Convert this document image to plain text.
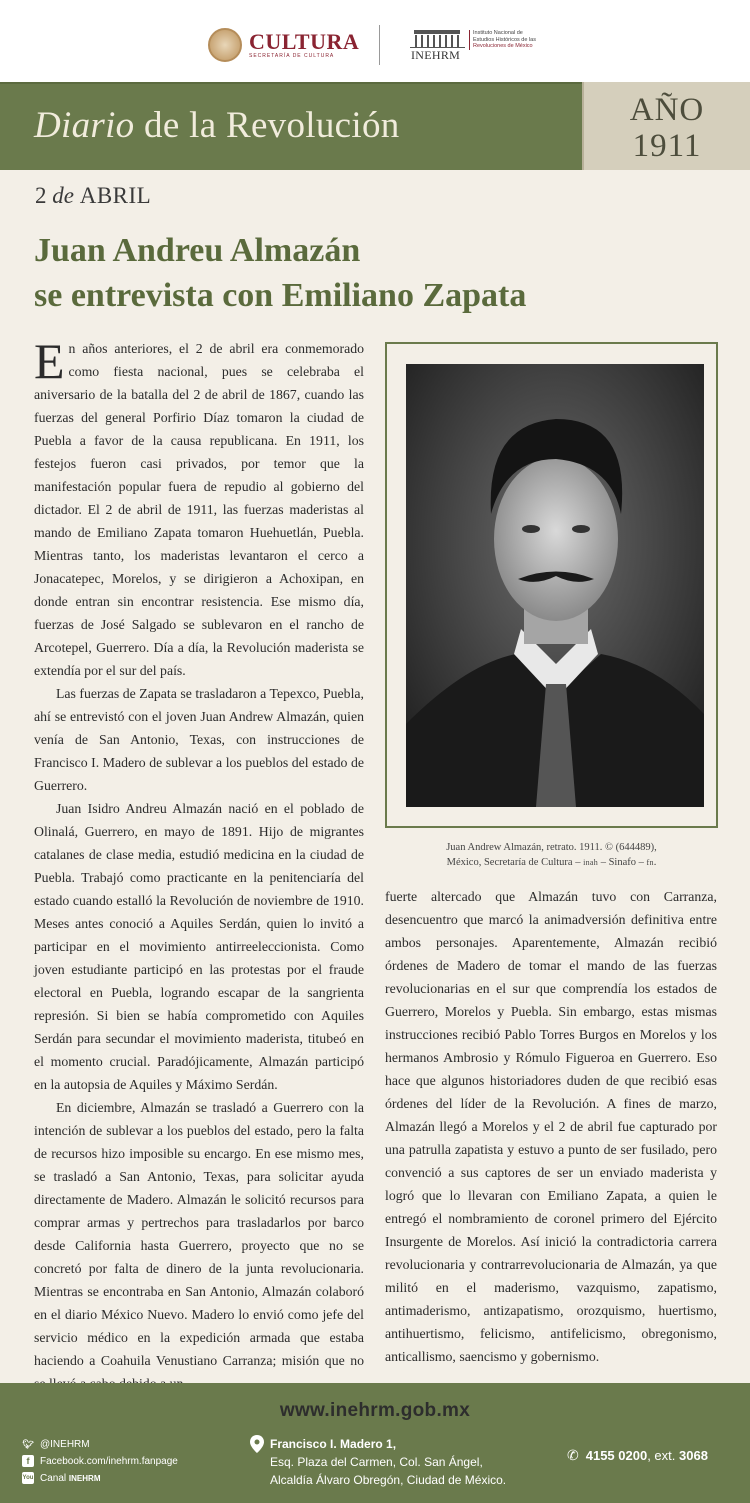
CULTURA
SECRETARÍA DE CULTURA	INEHRM
Instituto Nacional de
Estudios Históricos de las
Revoluciones de México
Diario de la Revolución	AÑO
1911
2 de ABRIL
Juan Andreu Almazán
se entrevista con Emiliano Zapata

En años anteriores, el 2 de abril era conmemorado como fiesta nacional, pues se celebraba el aniversario de la batalla del 2 de abril de 1867, cuando las fuerzas del general Porfirio Díaz tomaron la ciudad de Puebla a favor de la causa republicana. En 1911, los festejos fueron casi privados, por temor que la manifestación popular fuera de repudio al gobierno del dictador. El 2 de abril de 1911, las fuerzas maderistas al mando de Emiliano Zapata tomaron Huehuetlán, Puebla. Mientras tanto, los maderistas levantaron el cerco a Jonacatepec, Morelos, y se dirigieron a Achoxipan, en donde entran sin encontrar resistencia. Ese mismo día, fuerzas de José Salgado se sublevaron en el rancho de Arcotepel, Guerrero. Día a día, la Revolución maderista se extendía por el sur del país.

Las fuerzas de Zapata se trasladaron a Tepexco, Puebla, ahí se entrevistó con el joven Juan Andrew Almazán, quien venía de San Antonio, Texas, con instrucciones de Francisco I. Madero de sublevar a los pueblos del estado de Guerrero.

Juan Isidro Andreu Almazán nació en el poblado de Olinalá, Guerrero, en mayo de 1891. Hijo de migrantes catalanes de clase media, estudió medicina en la ciudad de Puebla. Trabajó como practicante en la penitenciaría del estado cuando estalló la Revolución de noviembre de 1910. Meses antes conoció a Aquiles Serdán, quien lo invitó a participar en el movimiento antirreeleccionista. Como joven estudiante participó en las protestas por el fraude electoral en Puebla, logrando escapar de la sangrienta represión. Si bien se había comprometido con Aquiles Serdán para secundar el movimiento maderista, titubeó en el momento crucial. Paradójicamente, Almazán participó en la autopsia de Aquiles y Máximo Serdán.

En diciembre, Almazán se trasladó a Guerrero con la intención de sublevar a los pueblos del estado, pero la falta de recursos hizo imposible su encargo. En ese mismo mes, se trasladó a San Antonio, Texas, para solicitar ayuda directamente de Madero. Almazán le solicitó recursos para comprar armas y pertrechos para trasladarlos por barco desde California hasta Guerrero, proyecto que no se concretó por falta de dinero de la junta revolucionaria. Mientras se encontraba en San Antonio, Almazán colaboró en el diario México Nuevo. Madero lo envió como jefe del servicio médico en la expedición armada que estaba haciendo a Coahuila Venustiano Carranza; misión que no

Juan Andrew Almazán, retrato. 1911. © (644489),
México, Secretaría de Cultura – inah – Sinafo – fn.

fuerte altercado que Almazán tuvo con Carranza, desencuentro que marcó la animadversión definitiva entre ambos personajes. Aparentemente, Almazán recibió órdenes de Madero de tomar el mando de las fuerzas revolucionarias en el sur que comprendía los estados de Guerrero, Morelos y Puebla. Sin embargo, estas mismas instrucciones recibió Pablo Torres Burgos en Morelos y los hermanos Ambrosio y Rómulo Figueroa en Guerrero. Eso hace que algunos historiadores duden de que recibió esas órdenes del líder de la Revolución. A fines de marzo, Almazán llegó a Morelos y el 2 de abril fue capturado por una patrulla zapatista y estuvo a punto de ser fusilado, pero convenció a sus captores de ser un enviado maderista y logró que lo llevaran con Emiliano Zapata, a quien le entregó el nombramiento de coronel primero del Ejército Insurgente de Morelos. Así inició la contradictoria carrera revolucionaria y contrarrevolucionaria de Almazán, ya que militó en el maderismo, vazquismo, zapatismo, antimaderismo, antizapatismo, orozquismo, huertismo, antihuertismo, felicismo, antifelicismo, obregonismo, anticallismo, saencismo y gobernismo.

www.inehrm.gob.mx
🐦︎ @INEHRM
f	Facebook.com/inehrm.fanpage
You Canal
INEHRM
Francisco I. Madero 1,
Esq. Plaza del Carmen, Col. San Ángel,
Alcaldía Álvaro Obregón, Ciudad de México.
✆ 4155 0200 , ext.
3068
